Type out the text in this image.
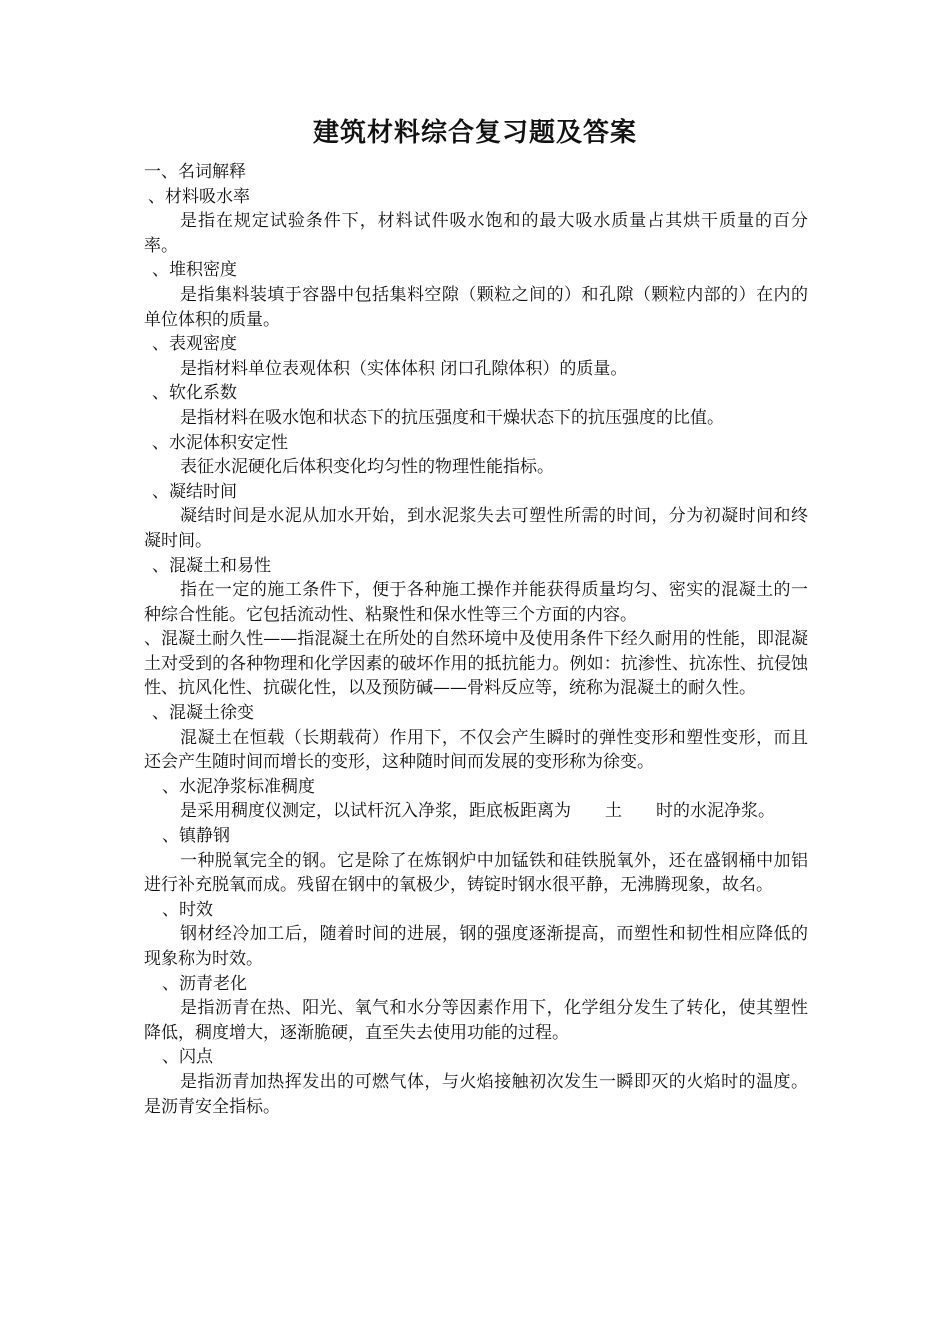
建筑材料综合复习题及答案

一、名词解释

、材料吸水率

是指在规定试验条件下，材料试件吸水饱和的最大吸水质量占其烘干质量的百分率。

、堆积密度

是指集料装填于容器中包括集料空隙（颗粒之间的）和孔隙（颗粒内部的）在内的单位体积的质量。

、表观密度

是指材料单位表观体积（实体体积 闭口孔隙体积）的质量。

、软化系数

是指材料在吸水饱和状态下的抗压强度和干燥状态下的抗压强度的比值。

、水泥体积安定性

表征水泥硬化后体积变化均匀性的物理性能指标。

、凝结时间

凝结时间是水泥从加水开始，到水泥浆失去可塑性所需的时间，分为初凝时间和终凝时间。

、混凝土和易性

指在一定的施工条件下，便于各种施工操作并能获得质量均匀、密实的混凝土的一种综合性能。它包括流动性、粘聚性和保水性等三个方面的内容。

、混凝土耐久性——指混凝土在所处的自然环境中及使用条件下经久耐用的性能，即混凝土对受到的各种物理和化学因素的破坏作用的抵抗能力。例如：抗渗性、抗冻性、抗侵蚀性、抗风化性、抗碳化性，以及预防碱——骨料反应等，统称为混凝土的耐久性。

、混凝土徐变

混凝土在恒载（长期载荷）作用下，不仅会产生瞬时的弹性变形和塑性变形，而且还会产生随时间而增长的变形，这种随时间而发展的变形称为徐变。

、水泥净浆标准稠度

是采用稠度仪测定，以试杆沉入净浆，距底板距离为　　土　　时的水泥净浆。

、镇静钢

一种脱氧完全的钢。它是除了在炼钢炉中加锰铁和硅铁脱氧外，还在盛钢桶中加铝进行补充脱氧而成。残留在钢中的氧极少，铸锭时钢水很平静，无沸腾现象，故名。

、时效

钢材经冷加工后，随着时间的进展，钢的强度逐渐提高，而塑性和韧性相应降低的现象称为时效。

、沥青老化

是指沥青在热、阳光、氧气和水分等因素作用下，化学组分发生了转化，使其塑性降低，稠度增大，逐渐脆硬，直至失去使用功能的过程。

、闪点

是指沥青加热挥发出的可燃气体，与火焰接触初次发生一瞬即灭的火焰时的温度。是沥青安全指标。
